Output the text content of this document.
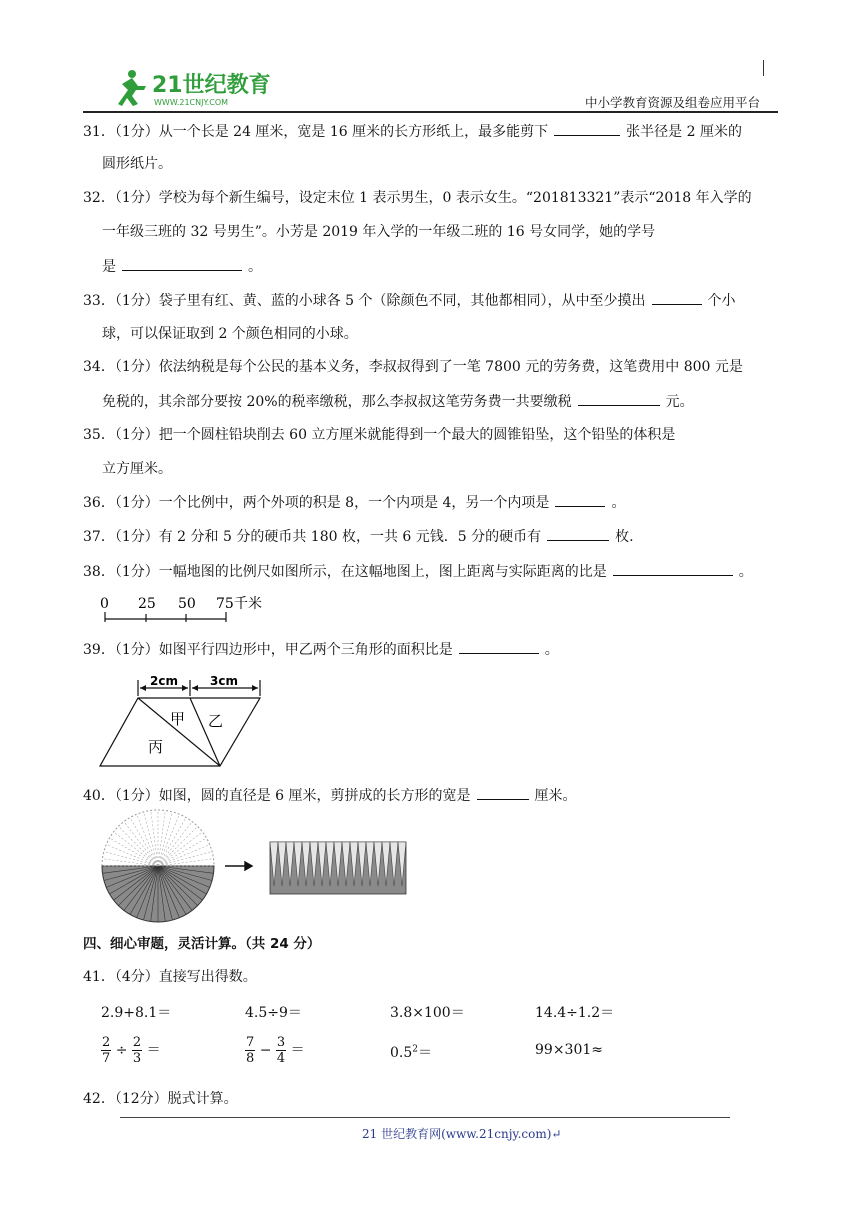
21世纪教育
WWW.21CNJY.COM	中小学教育资源及组卷应用平台
31．（1分）从一个长是 24 厘米，宽是 16 厘米的长方形纸上，最多能剪下	张半径是 2 厘米的
圆形纸片。
32．（1分）学校为每个新生编号，设定末位 1 表示男生，0 表示女生。“201813321”表示“2018 年入学的
一年级三班的 32 号男生”。小芳是 2019 年入学的一年级二班的 16 号女同学，她的学号
是	。
33．（1分）袋子里有红、黄、蓝的小球各 5 个（除颜色不同，其他都相同），从中至少摸出	个小
球，可以保证取到 2 个颜色相同的小球。
34．（1分）依法纳税是每个公民的基本义务，李叔叔得到了一笔 7800 元的劳务费，这笔费用中 800 元是
免税的，其余部分要按 20%的税率缴税，那么李叔叔这笔劳务费一共要缴税	元。
35．（1分）把一个圆柱铅块削去 60 立方厘米就能得到一个最大的圆锥铅坠，这个铅坠的体积是
立方厘米。
36．（1分）一个比例中，两个外项的积是 8，一个内项是 4，另一个内项是	。
37．（1分）有 2 分和 5 分的硬币共 180 枚，一共 6 元钱．5 分的硬币有	枚.
38．（1分）一幅地图的比例尺如图所示，在这幅地图上，图上距离与实际距离的比是	。
0 25 50 75 千米
39．（1分）如图平行四边形中，甲乙两个三角形的面积比是	。
2cm	3cm
甲 乙
丙
40．（1分）如图，圆的直径是 6 厘米，剪拼成的长方形的宽是	厘米。
四、细心审题，灵活计算。（共 24 分）
41．（4分）直接写出得数。
2.9+8.1＝	4.5÷9＝	3.8×100＝	14.4÷1.2＝
$\frac{2}{7} \div \frac{2}{3}$ ＝	$\frac{7}{8} - \frac{3}{4}$ ＝	$0.5^2=$	99×301≈
42．（12分）脱式计算。
21 世纪教育网(www.21cnjy.com)↵
